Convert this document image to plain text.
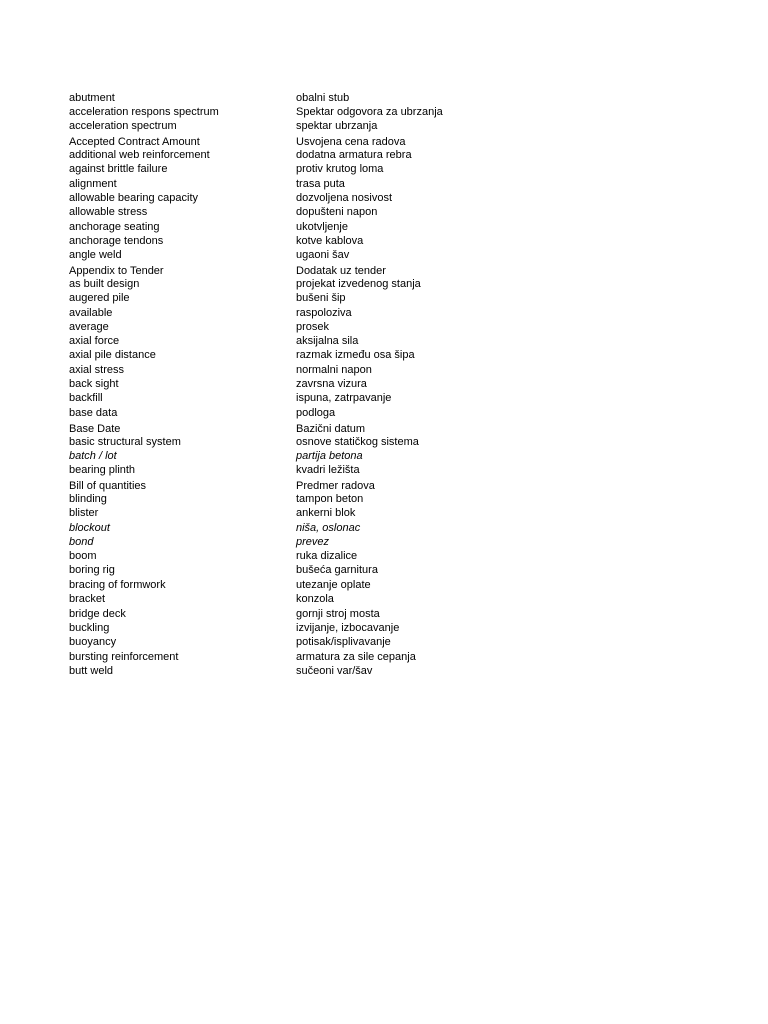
abutment	obalni stub
acceleration respons spectrum	Spektar odgovora za ubrzanja
acceleration spectrum	spektar ubrzanja
Accepted Contract Amount	Usvojena cena radova
additional web reinforcement	dodatna armatura rebra
against brittle failure	protiv krutog loma
alignment	trasa puta
allowable bearing capacity	dozvoljena nosivost
allowable stress	dopušteni napon
anchorage seating	ukotvljenje
anchorage tendons	kotve kablova
angle weld	ugaoni šav
Appendix to Tender	Dodatak uz tender
as built design	projekat izvedenog stanja
augered pile	bušeni šip
available	raspoloziva
average	prosek
axial force	aksijalna sila
axial pile distance	razmak između osa šipa
axial stress	normalni napon
back sight	zavrsna vizura
backfill	ispuna, zatrpavanje
base data	podloga
Base Date	Bazični datum
basic structural system	osnove statičkog sistema
batch / lot	partija betona
bearing plinth	kvadri ležišta
Bill of quantities	Predmer radova
blinding	tampon beton
blister	ankerni blok
blockout	niša, oslonac
bond	prevez
boom	ruka dizalice
boring rig	bušeća garnitura
bracing of formwork	utezanje oplate
bracket	konzola
bridge deck	gornji stroj mosta
buckling	izvijanje, izbocavanje
buoyancy	potisak/isplivavanje
bursting reinforcement	armatura za sile cepanja
butt weld	sučeoni var/šav
